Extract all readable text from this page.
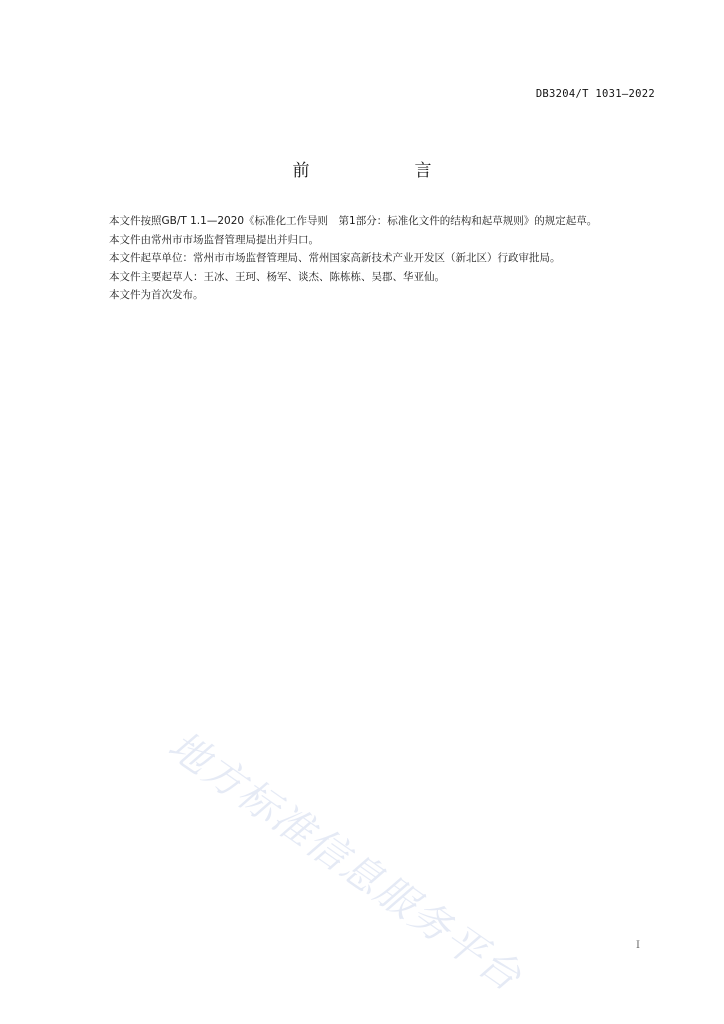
DB3204/T 1031—2022
前　言

本文件按照GB/T 1.1—2020《标准化工作导则　第1部分：标准化文件的结构和起草规则》的规定起草。

本文件由常州市市场监督管理局提出并归口。

本文件起草单位：常州市市场监督管理局、常州国家高新技术产业开发区（新北区）行政审批局。

本文件主要起草人：王冰、王珂、杨军、谈杰、陈栋栋、吴郡、华亚仙。

本文件为首次发布。

地方标准信息服务平台	I
